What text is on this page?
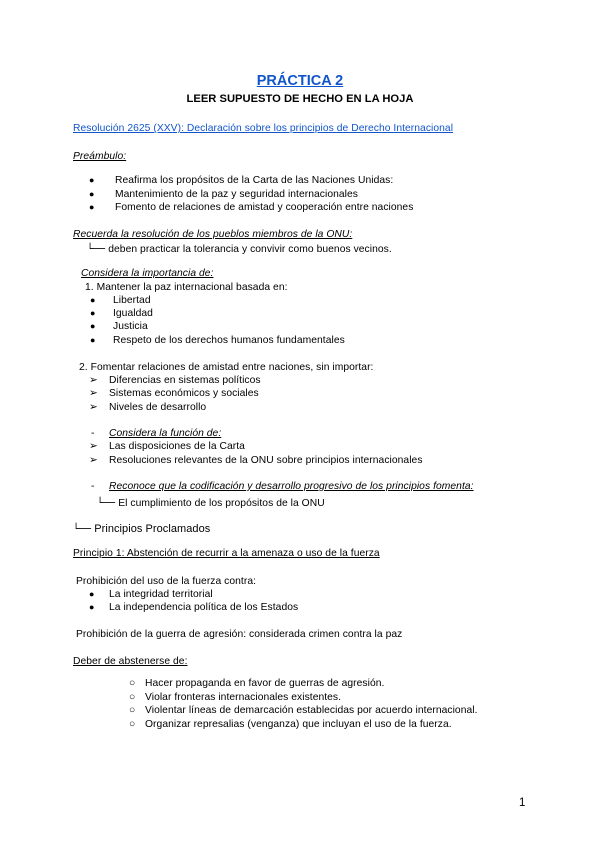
PRÁCTICA 2
LEER SUPUESTO DE HECHO EN LA HOJA
Resolución 2625 (XXV): Declaración sobre los principios de Derecho Internacional
Preámbulo:
● Reafirma los propósitos de la Carta de las Naciones Unidas:
● Mantenimiento de la paz y seguridad internacionales
● Fomento de relaciones de amistad y cooperación entre naciones
Recuerda la resolución de los pueblos miembros de la ONU:
└── deben practicar la tolerancia y convivir como buenos vecinos.
Considera la importancia de:
1. Mantener la paz internacional basada en:
● Libertad
● Igualdad
● Justicia
● Respeto de los derechos humanos fundamentales
2. Fomentar relaciones de amistad entre naciones, sin importar:
➢ Diferencias en sistemas políticos
➢ Sistemas económicos y sociales
➢ Niveles de desarrollo
- Considera la función de:
➢ Las disposiciones de la Carta
➢ Resoluciones relevantes de la ONU sobre principios internacionales
- Reconoce que la codificación y desarrollo progresivo de los principios fomenta:
└── El cumplimiento de los propósitos de la ONU
└── Principios Proclamados
Principio 1: Abstención de recurrir a la amenaza o uso de la fuerza
Prohibición del uso de la fuerza contra:
● La integridad territorial
● La independencia política de los Estados
Prohibición de la guerra de agresión: considerada crimen contra la paz
Deber de abstenerse de:
○ Hacer propaganda en favor de guerras de agresión.
○ Violar fronteras internacionales existentes.
○ Violentar líneas de demarcación establecidas por acuerdo internacional.
○ Organizar represalias (venganza) que incluyan el uso de la fuerza.
1
